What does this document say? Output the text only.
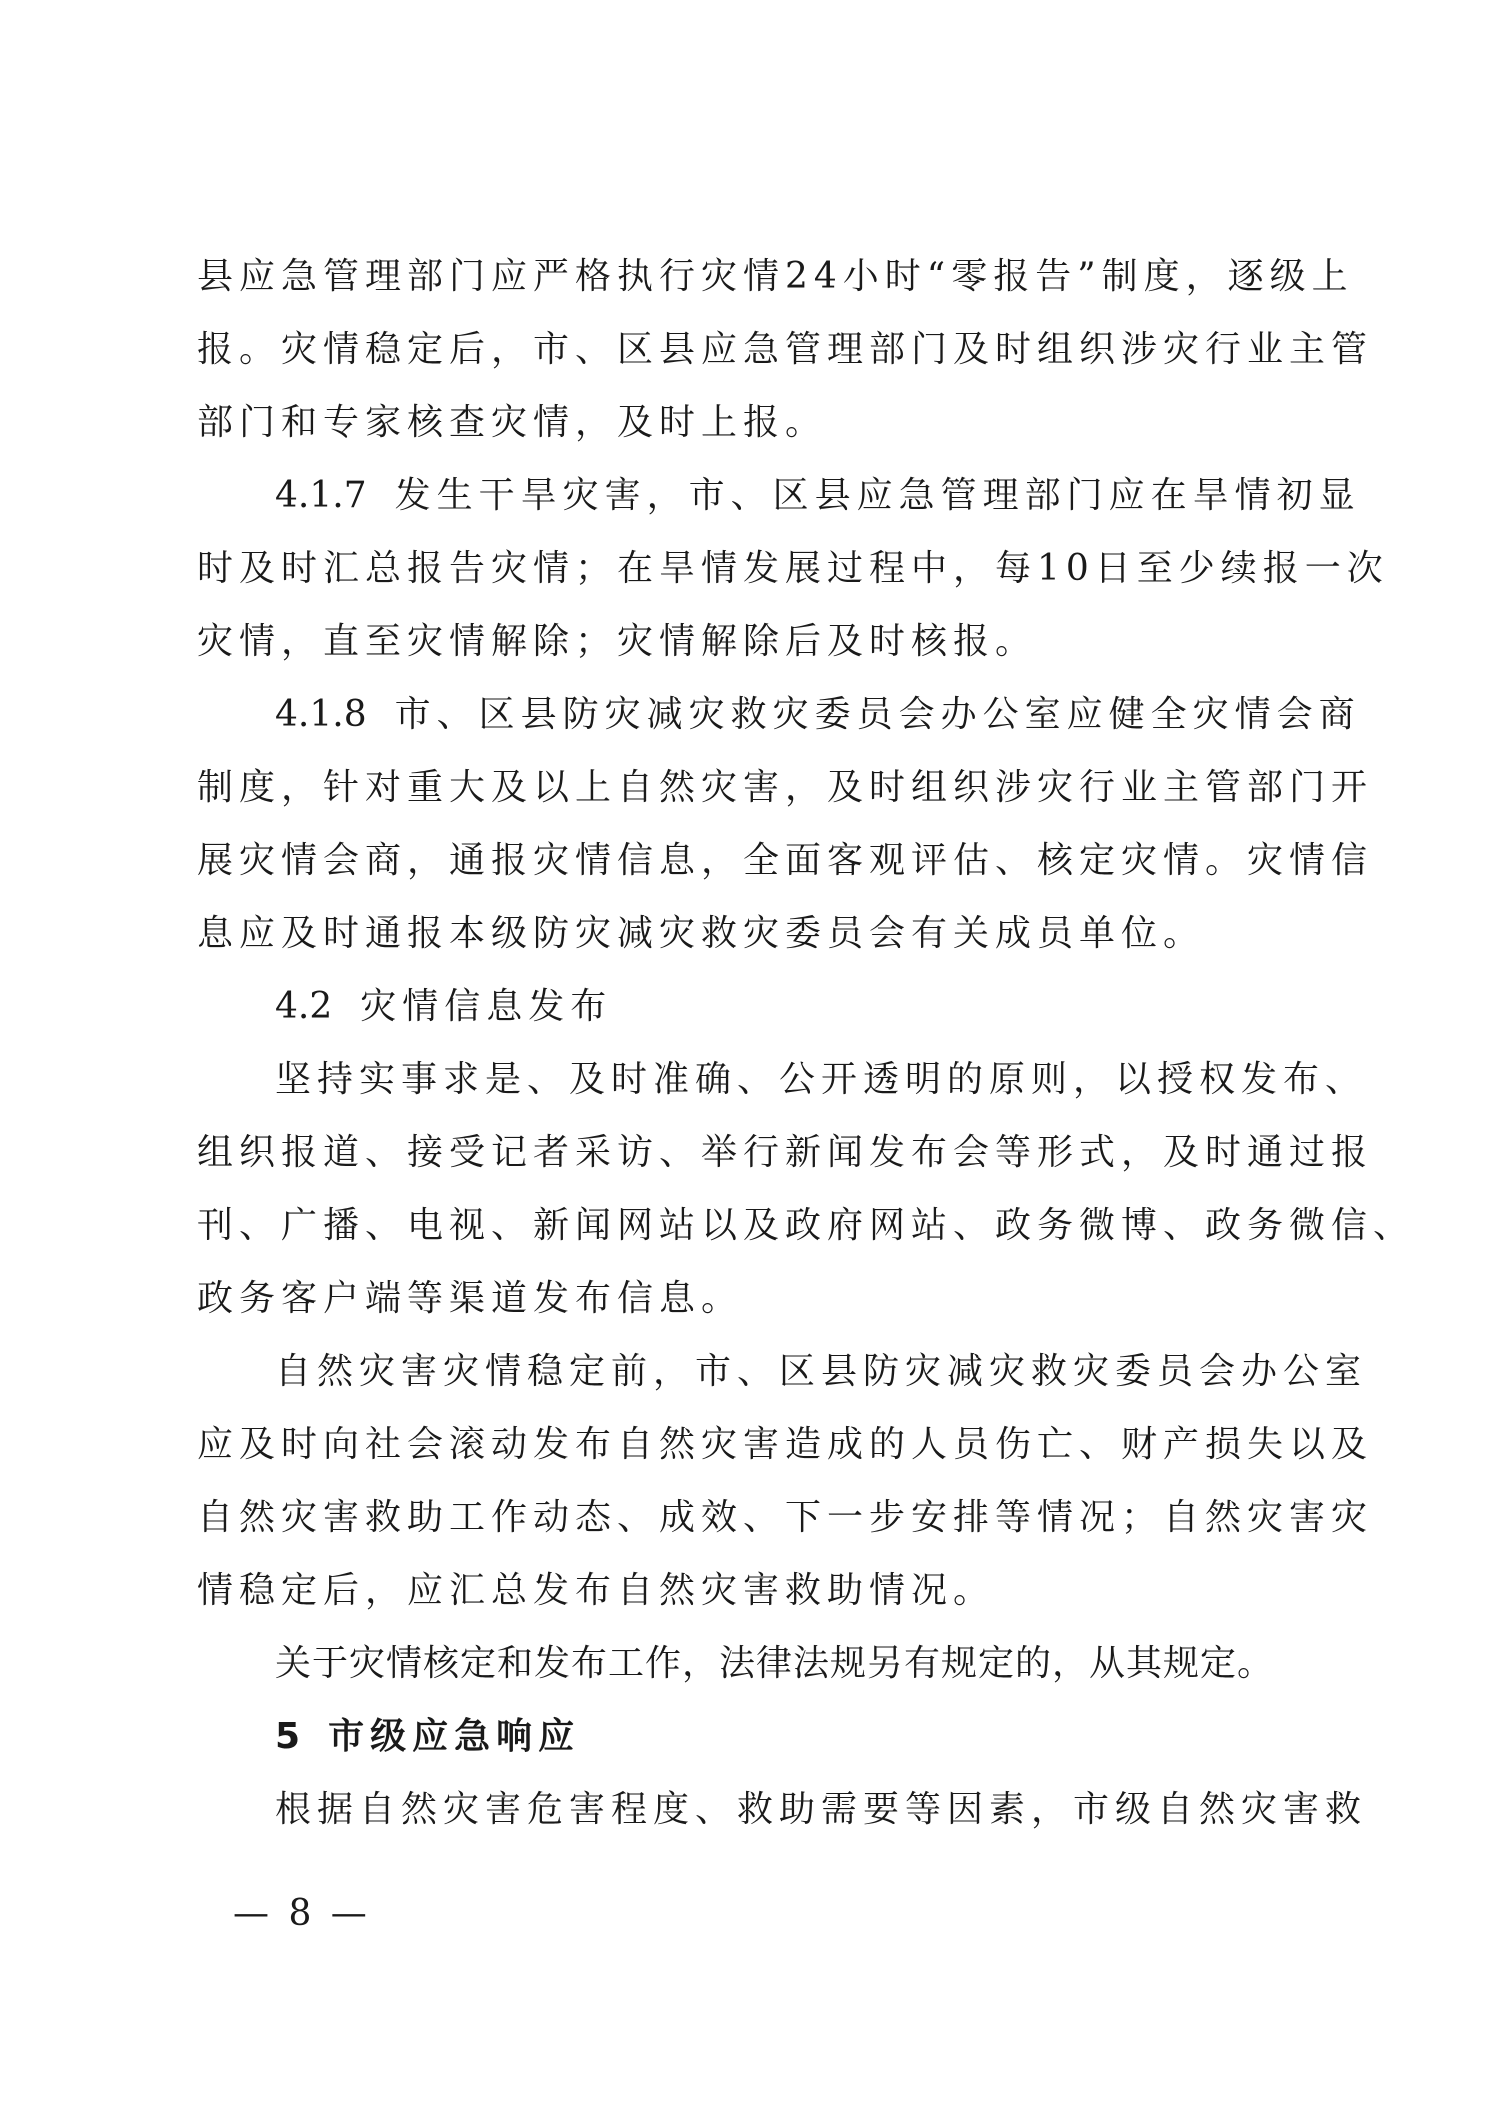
县应急管理部门应严格执行灾情24小时“零报告”制度，逐级上
报。灾情稳定后，市、区县应急管理部门及时组织涉灾行业主管
部门和专家核查灾情，及时上报。

4.1.7 发生干旱灾害，市、区县应急管理部门应在旱情初显
时及时汇总报告灾情；在旱情发展过程中，每10日至少续报一次
灾情，直至灾情解除；灾情解除后及时核报。

4.1.8 市、区县防灾减灾救灾委员会办公室应健全灾情会商
制度，针对重大及以上自然灾害，及时组织涉灾行业主管部门开
展灾情会商，通报灾情信息，全面客观评估、核定灾情。灾情信
息应及时通报本级防灾减灾救灾委员会有关成员单位。

4.2 灾情信息发布

坚持实事求是、及时准确、公开透明的原则，以授权发布、
组织报道、接受记者采访、举行新闻发布会等形式，及时通过报
刊、广播、电视、新闻网站以及政府网站、政务微博、政务微信、
政务客户端等渠道发布信息。

自然灾害灾情稳定前，市、区县防灾减灾救灾委员会办公室
应及时向社会滚动发布自然灾害造成的人员伤亡、财产损失以及
自然灾害救助工作动态、成效、下一步安排等情况；自然灾害灾
情稳定后，应汇总发布自然灾害救助情况。

关于灾情核定和发布工作，法律法规另有规定的，从其规定。

5 市级应急响应

根据自然灾害危害程度、救助需要等因素，市级自然灾害救

— 8 —
